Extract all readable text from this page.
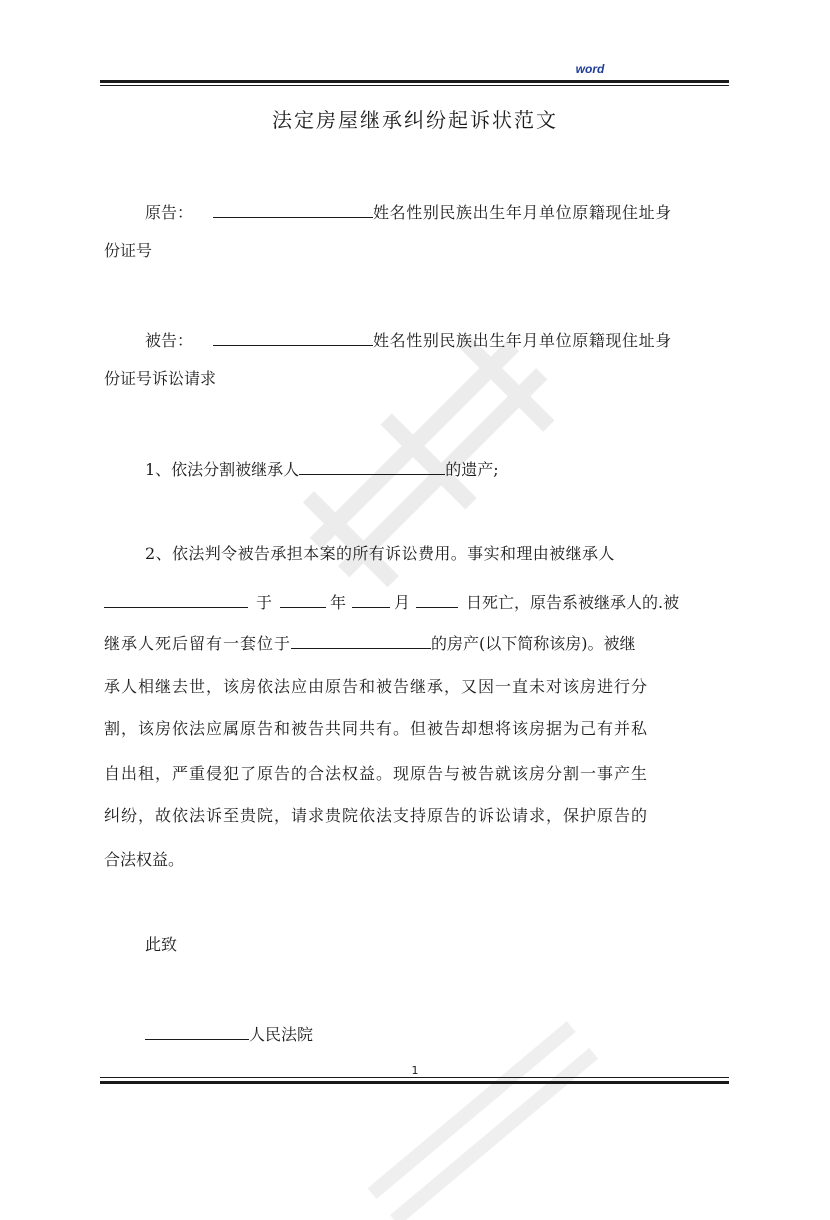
word
法定房屋继承纠纷起诉状范文
原告：	姓名性别民族出生年月单位原籍现住址身
份证号
被告：	姓名性别民族出生年月单位原籍现住址身
份证号诉讼请求
1、依法分割被继承人	的遗产;
2、依法判令被告承担本案的所有诉讼费用。事实和理由被继承人
于	年	月	日死亡，原告系被继承人的.被
继承人死后留有一套位于	的房产(以下简称该房)。被继
承人相继去世，该房依法应由原告和被告继承，又因一直未对该房进行分
割，该房依法应属原告和被告共同共有。但被告却想将该房据为己有并私
自出租，严重侵犯了原告的合法权益。现原告与被告就该房分割一事产生
纠纷，故依法诉至贵院，请求贵院依法支持原告的诉讼请求，保护原告的
合法权益。
此致
人民法院
1
